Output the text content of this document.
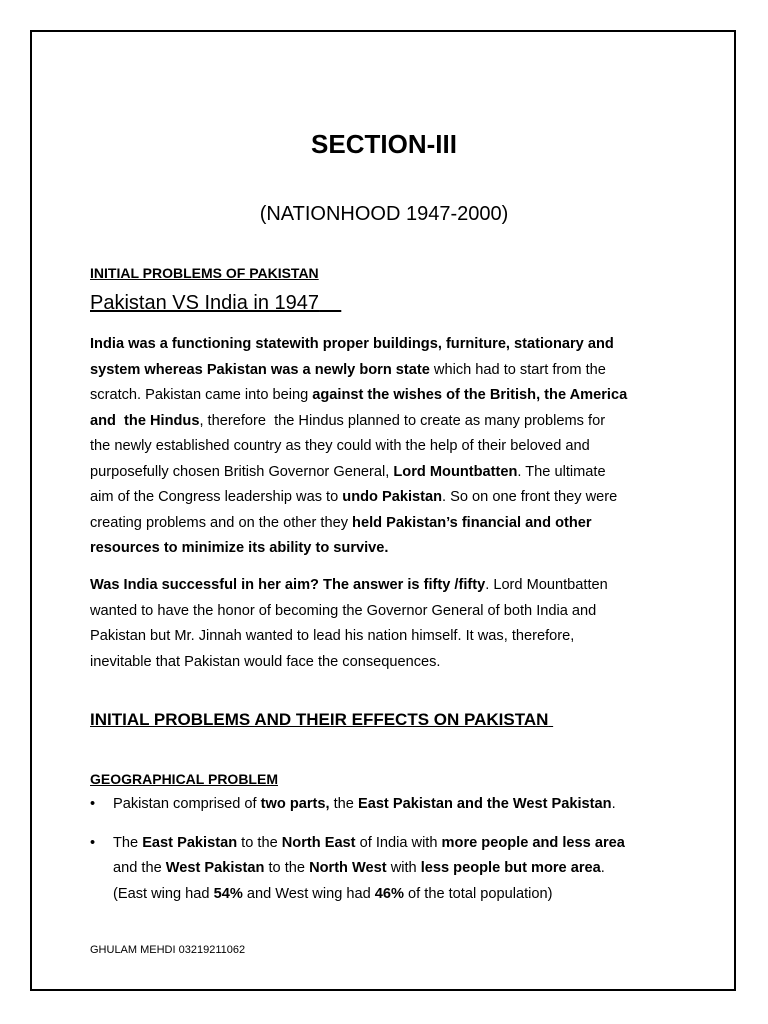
SECTION-III
(NATIONHOOD 1947-2000)
INITIAL PROBLEMS OF PAKISTAN
Pakistan VS India in 1947
India was a functioning statewith proper buildings, furniture, stationary and
system whereas Pakistan was a newly born state which had to start from the
scratch. Pakistan came into being against the wishes of the British, the America
and  the Hindus, therefore  the Hindus planned to create as many problems for
the newly established country as they could with the help of their beloved and
purposefully chosen British Governor General, Lord Mountbatten. The ultimate
aim of the Congress leadership was to undo Pakistan. So on one front they were
creating problems and on the other they held Pakistan’s financial and other
resources to minimize its ability to survive.
Was India successful in her aim? The answer is fifty /fifty. Lord Mountbatten
wanted to have the honor of becoming the Governor General of both India and
Pakistan but Mr. Jinnah wanted to lead his nation himself. It was, therefore,
inevitable that Pakistan would face the consequences.
INITIAL PROBLEMS AND THEIR EFFECTS ON PAKISTAN
GEOGRAPHICAL PROBLEM
• Pakistan comprised of two parts, the East Pakistan and the West Pakistan.
• The East Pakistan to the North East of India with more people and less area
and the West Pakistan to the North West with less people but more area.
(East wing had 54% and West wing had 46% of the total population)
GHULAM MEHDI 03219211062
